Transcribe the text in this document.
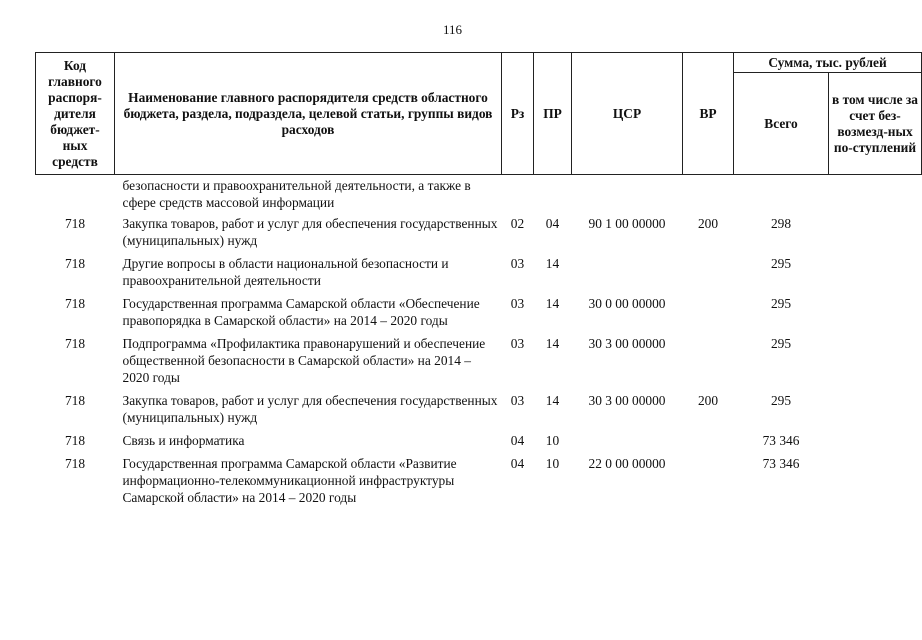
116
Код главного распоря-дителя бюджет-ных средств	Наименование главного распорядителя средств областного бюджета, раздела, подраздела, целевой статьи, группы видов расходов	Рз	ПР	ЦСР	ВР	Сумма, тыс. рублей	
						Всего	в том числе за счет без-возмезд-ных по-ступлений
	безопасности и правоохранительной деятельности, а также в сфере средств массовой информации						
718	Закупка товаров, работ и услуг для обеспечения государственных (муниципальных) нужд	02	04	90 1 00 00000	200	298	
718	Другие вопросы в области национальной безопасности и правоохранительной деятельности	03	14			295	
718	Государственная программа Самарской области «Обеспечение правопорядка в Самарской области» на 2014 – 2020 годы	03	14	30 0 00 00000		295	
718	Подпрограмма «Профилактика правонарушений и обеспечение общественной безопасности в Самарской области» на 2014 – 2020 годы	03	14	30 3 00 00000		295	
718	Закупка товаров, работ и услуг для обеспечения государственных (муниципальных) нужд	03	14	30 3 00 00000	200	295	
718	Связь и информатика	04	10			73 346	
718	Государственная программа Самарской области «Развитие информационно-телекоммуникационной инфраструктуры Самарской области» на 2014 – 2020 годы	04	10	22 0 00 00000		73 346	
